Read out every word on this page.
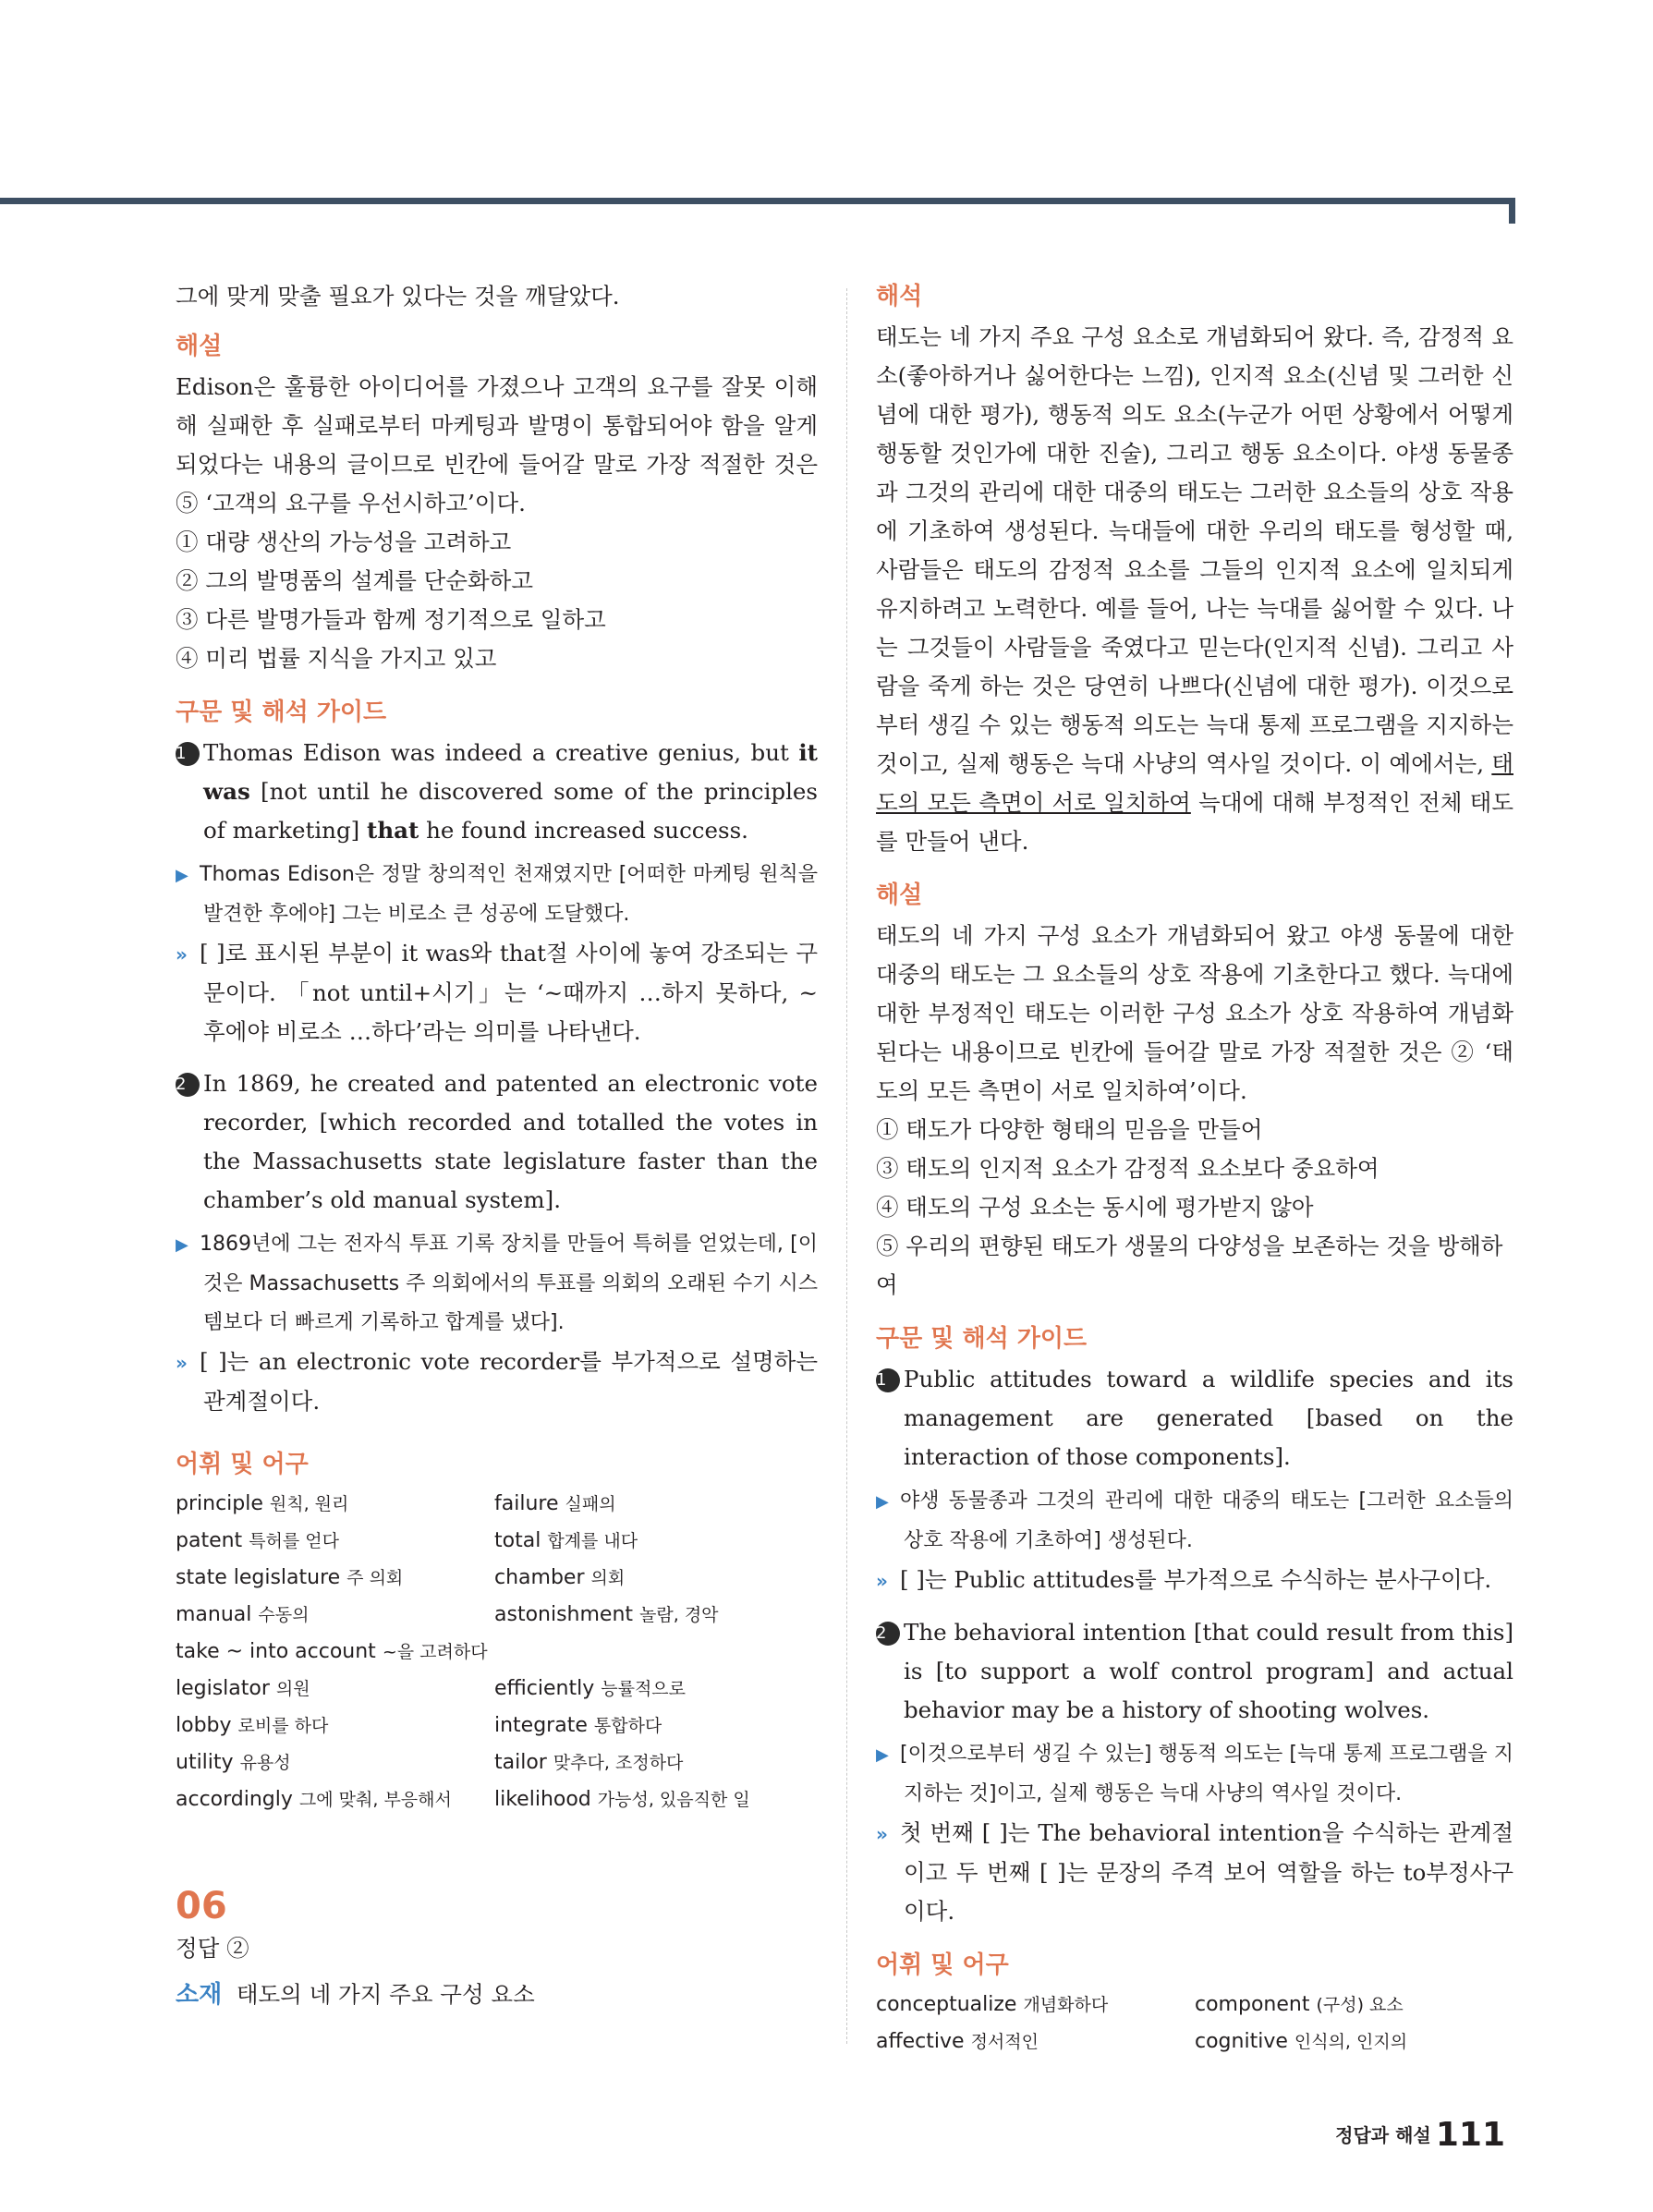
그에 맞게 맞출 필요가 있다는 것을 깨달았다.

해설

Edison은 훌륭한 아이디어를 가졌으나 고객의 요구를 잘못 이해해 실패한 후 실패로부터 마케팅과 발명이 통합되어야 함을 알게 되었다는 내용의 글이므로 빈칸에 들어갈 말로 가장 적절한 것은 ⑤ ‘고객의 요구를 우선시하고’이다.

① 대량 생산의 가능성을 고려하고

② 그의 발명품의 설계를 단순화하고

③ 다른 발명가들과 함께 정기적으로 일하고

④ 미리 법률 지식을 가지고 있고

구문 및 해석 가이드

1 Thomas Edison was indeed a creative genius, but it was [not until he discovered some of the principles of marketing] that he found increased success.

▶ Thomas Edison은 정말 창의적인 천재였지만 [어떠한 마케팅 원칙을 발견한 후에야] 그는 비로소 큰 성공에 도달했다.

» [ ]로 표시된 부분이 it was와 that절 사이에 놓여 강조되는 구문이다. 「not until+시기」는 ‘~때까지 …하지 못하다, ~ 후에야 비로소 …하다’라는 의미를 나타낸다.

2 In 1869, he created and patented an electronic vote recorder, [which recorded and totalled the votes in the Massachusetts state legislature faster than the chamber’s old manual system].

▶ 1869년에 그는 전자식 투표 기록 장치를 만들어 특허를 얻었는데, [이것은 Massachusetts 주 의회에서의 투표를 의회의 오래된 수기 시스템보다 더 빠르게 기록하고 합계를 냈다].

» [ ]는 an electronic vote recorder를 부가적으로 설명하는 관계절이다.

어휘 및 어구
principle 원칙, 원리	failure 실패의
patent 특허를 얻다	total 합계를 내다
state legislature 주 의회	chamber 의회
manual 수동의	astonishment 놀람, 경악
take ~ into account ~을 고려하다
legislator 의원	efficiently 능률적으로
lobby 로비를 하다	integrate 통합하다
utility 유용성	tailor 맞추다, 조정하다
accordingly 그에 맞춰, 부응해서	likelihood 가능성, 있음직한 일
06

정답 ②

소재 태도의 네 가지 주요 구성 요소

해석

태도는 네 가지 주요 구성 요소로 개념화되어 왔다. 즉, 감정적 요소(좋아하거나 싫어한다는 느낌), 인지적 요소(신념 및 그러한 신념에 대한 평가), 행동적 의도 요소(누군가 어떤 상황에서 어떻게 행동할 것인가에 대한 진술), 그리고 행동 요소이다. 야생 동물종과 그것의 관리에 대한 대중의 태도는 그러한 요소들의 상호 작용에 기초하여 생성된다. 늑대들에 대한 우리의 태도를 형성할 때, 사람들은 태도의 감정적 요소를 그들의 인지적 요소에 일치되게 유지하려고 노력한다. 예를 들어, 나는 늑대를 싫어할 수 있다. 나는 그것들이 사람들을 죽였다고 믿는다(인지적 신념). 그리고 사람을 죽게 하는 것은 당연히 나쁘다(신념에 대한 평가). 이것으로부터 생길 수 있는 행동적 의도는 늑대 통제 프로그램을 지지하는 것이고, 실제 행동은 늑대 사냥의 역사일 것이다. 이 예에서는, 태도의 모든 측면이 서로 일치하여 늑대에 대해 부정적인 전체 태도를 만들어 낸다.

해설

태도의 네 가지 구성 요소가 개념화되어 왔고 야생 동물에 대한 대중의 태도는 그 요소들의 상호 작용에 기초한다고 했다. 늑대에 대한 부정적인 태도는 이러한 구성 요소가 상호 작용하여 개념화된다는 내용이므로 빈칸에 들어갈 말로 가장 적절한 것은 ② ‘태도의 모든 측면이 서로 일치하여’이다.

① 태도가 다양한 형태의 믿음을 만들어

③ 태도의 인지적 요소가 감정적 요소보다 중요하여

④ 태도의 구성 요소는 동시에 평가받지 않아

⑤ 우리의 편향된 태도가 생물의 다양성을 보존하는 것을 방해하여

구문 및 해석 가이드

1 Public attitudes toward a wildlife species and its management are generated [based on the interaction of those components].

▶ 야생 동물종과 그것의 관리에 대한 대중의 태도는 [그러한 요소들의 상호 작용에 기초하여] 생성된다.

» [ ]는 Public attitudes를 부가적으로 수식하는 분사구이다.

2 The behavioral intention [that could result from this] is [to support a wolf control program] and actual behavior may be a history of shooting wolves.

▶ [이것으로부터 생길 수 있는] 행동적 의도는 [늑대 통제 프로그램을 지지하는 것]이고, 실제 행동은 늑대 사냥의 역사일 것이다.

» 첫 번째 [ ]는 The behavioral intention을 수식하는 관계절이고 두 번째 [ ]는 문장의 주격 보어 역할을 하는 to부정사구이다.

어휘 및 어구
conceptualize 개념화하다	component (구성) 요소
affective 정서적인	cognitive 인식의, 인지의
정답과 해설 111
